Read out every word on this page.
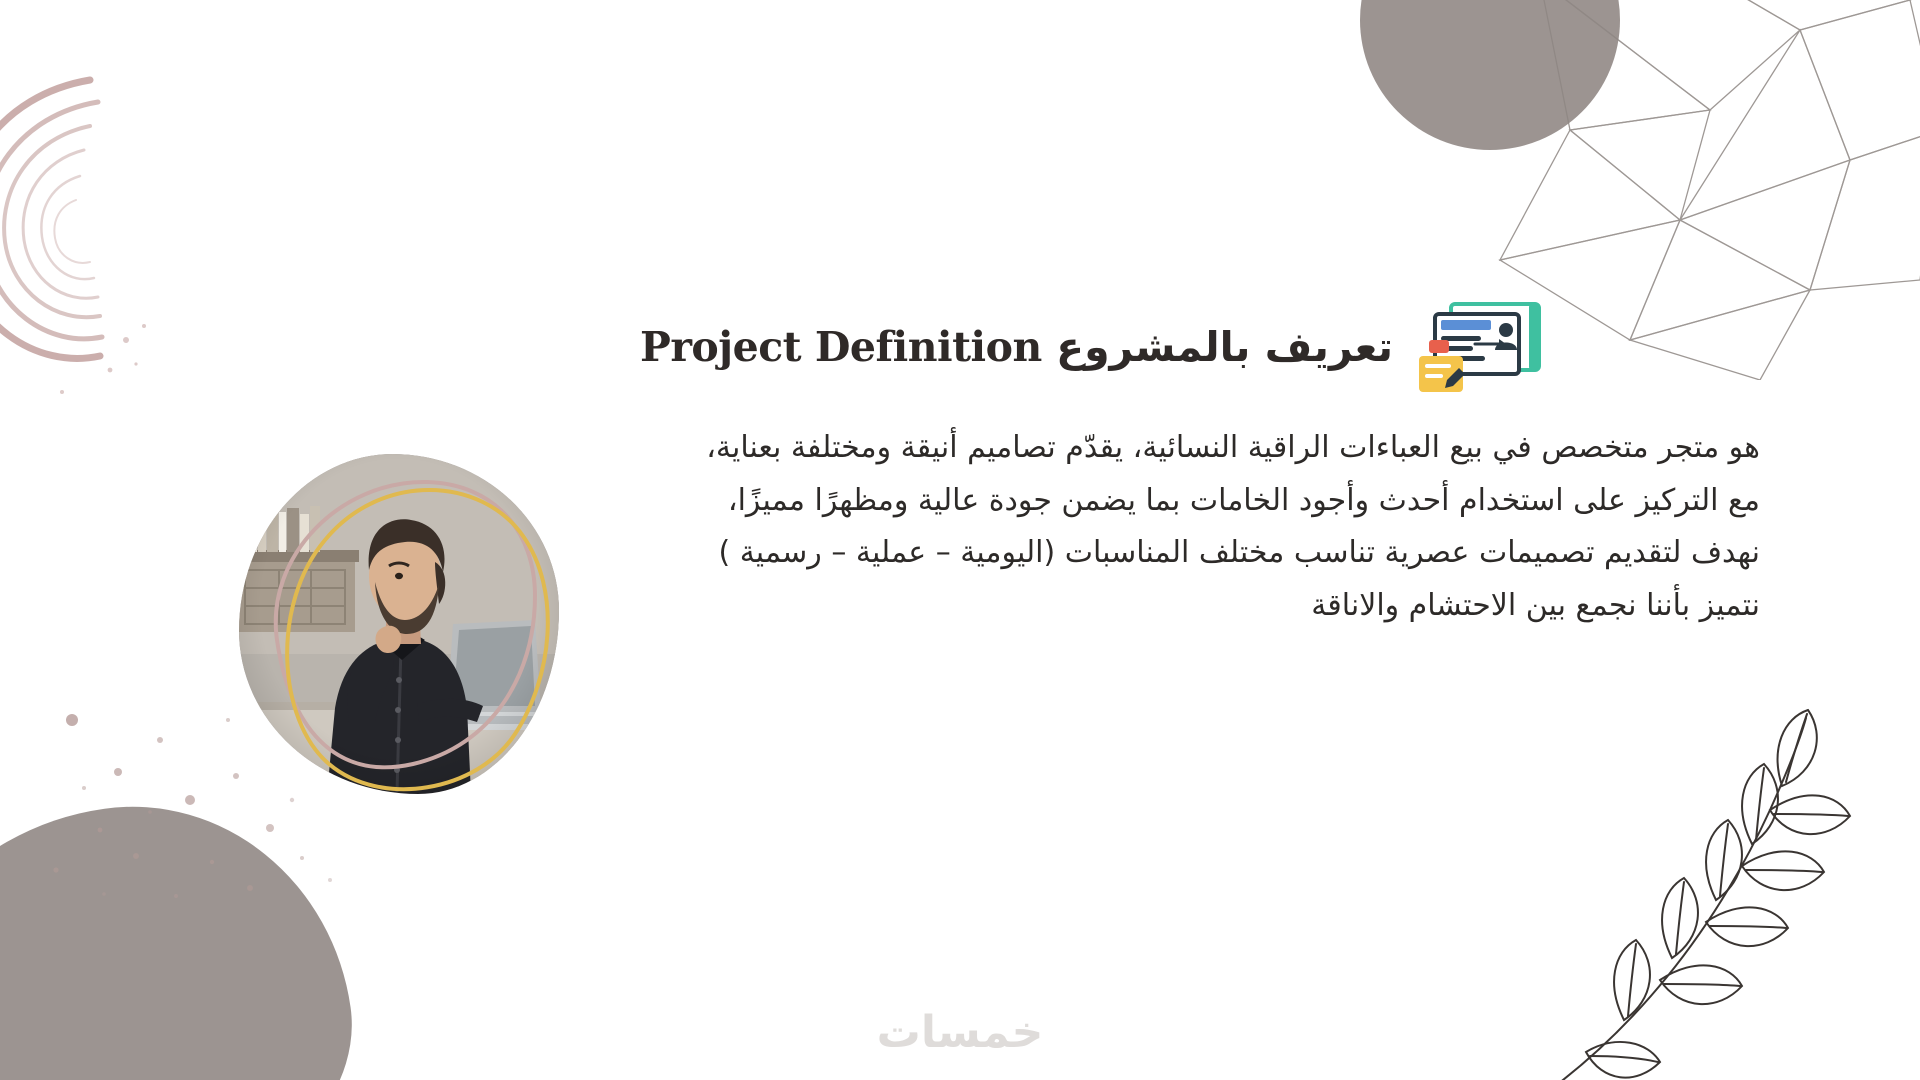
تعريف بالمشروع Project Definition

هو متجر متخصص في بيع العباءات الراقية النسائية، يقدّم تصاميم أنيقة ومختلفة بعناية، مع التركيز على استخدام أحدث وأجود الخامات بما يضمن جودة عالية ومظهرًا مميزًا، نهدف لتقديم تصميمات عصرية تناسب مختلف المناسبات (اليومية – عملية – رسمية ) نتميز بأننا نجمع بين الاحتشام والاناقة

خمسات
